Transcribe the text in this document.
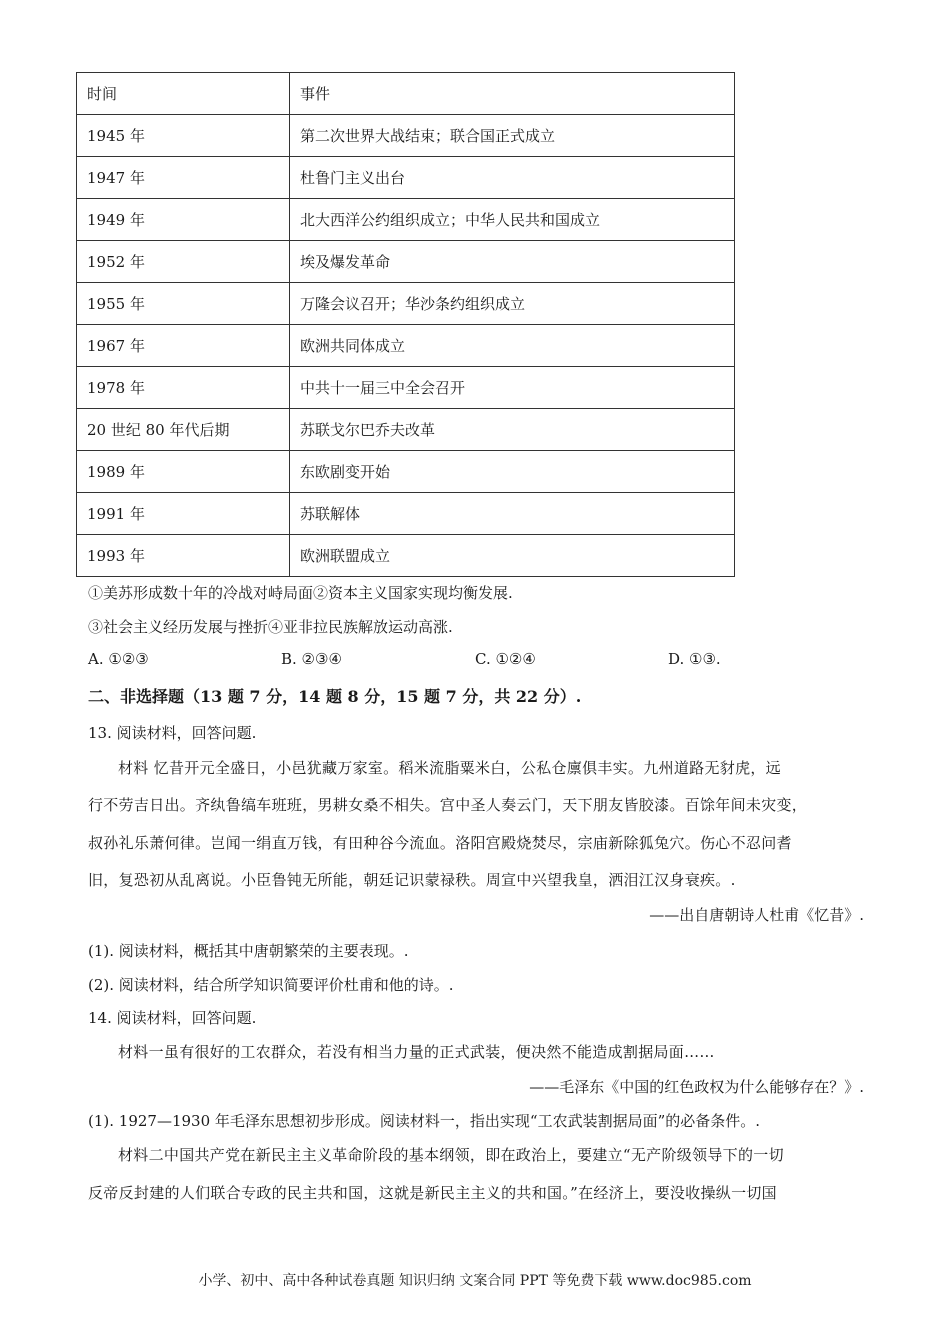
时间	事件
1945 年	第二次世界大战结束；联合国正式成立
1947 年	杜鲁门主义出台
1949 年	北大西洋公约组织成立；中华人民共和国成立
1952 年	埃及爆发革命
1955 年	万隆会议召开；华沙条约组织成立
1967 年	欧洲共同体成立
1978 年	中共十一届三中全会召开
20 世纪 80 年代后期	苏联戈尔巴乔夫改革
1989 年	东欧剧变开始
1991 年	苏联解体
1993 年	欧洲联盟成立
①美苏形成数十年的冷战对峙局面②资本主义国家实现均衡发展.
③社会主义经历发展与挫折④亚非拉民族解放运动高涨.
A. ①②③	B. ②③④	C. ①②④	D. ①③.
二、非选择题（13 题 7 分，14 题 8 分，15 题 7 分，共 22 分）.
13. 阅读材料，回答问题.
材料 忆昔开元全盛日，小邑犹藏万家室。稻米流脂粟米白，公私仓廪俱丰实。九州道路无豺虎，远
行不劳吉日出。齐纨鲁缟车班班，男耕女桑不相失。宫中圣人奏云门，天下朋友皆胶漆。百馀年间未灾变，
叔孙礼乐萧何律。岂闻一绢直万钱，有田种谷今流血。洛阳宫殿烧焚尽，宗庙新除狐兔穴。伤心不忍问耆
旧，复恐初从乱离说。小臣鲁钝无所能，朝廷记识蒙禄秩。周宣中兴望我皇，洒泪江汉身衰疾。.
——出自唐朝诗人杜甫《忆昔》.
(1). 阅读材料，概括其中唐朝繁荣的主要表现。.
(2). 阅读材料，结合所学知识简要评价杜甫和他的诗。.
14. 阅读材料，回答问题.
材料一虽有很好的工农群众，若没有相当力量的正式武装，便决然不能造成割据局面……
——毛泽东《中国的红色政权为什么能够存在？》.
(1). 1927—1930 年毛泽东思想初步形成。阅读材料一，指出实现“工农武装割据局面”的必备条件。.
材料二中国共产党在新民主主义革命阶段的基本纲领，即在政治上，要建立“无产阶级领导下的一切
反帝反封建的人们联合专政的民主共和国，这就是新民主主义的共和国。”在经济上，要没收操纵一切国
小学、初中、高中各种试卷真题 知识归纳 文案合同 PPT 等免费下载 www.doc985.com
